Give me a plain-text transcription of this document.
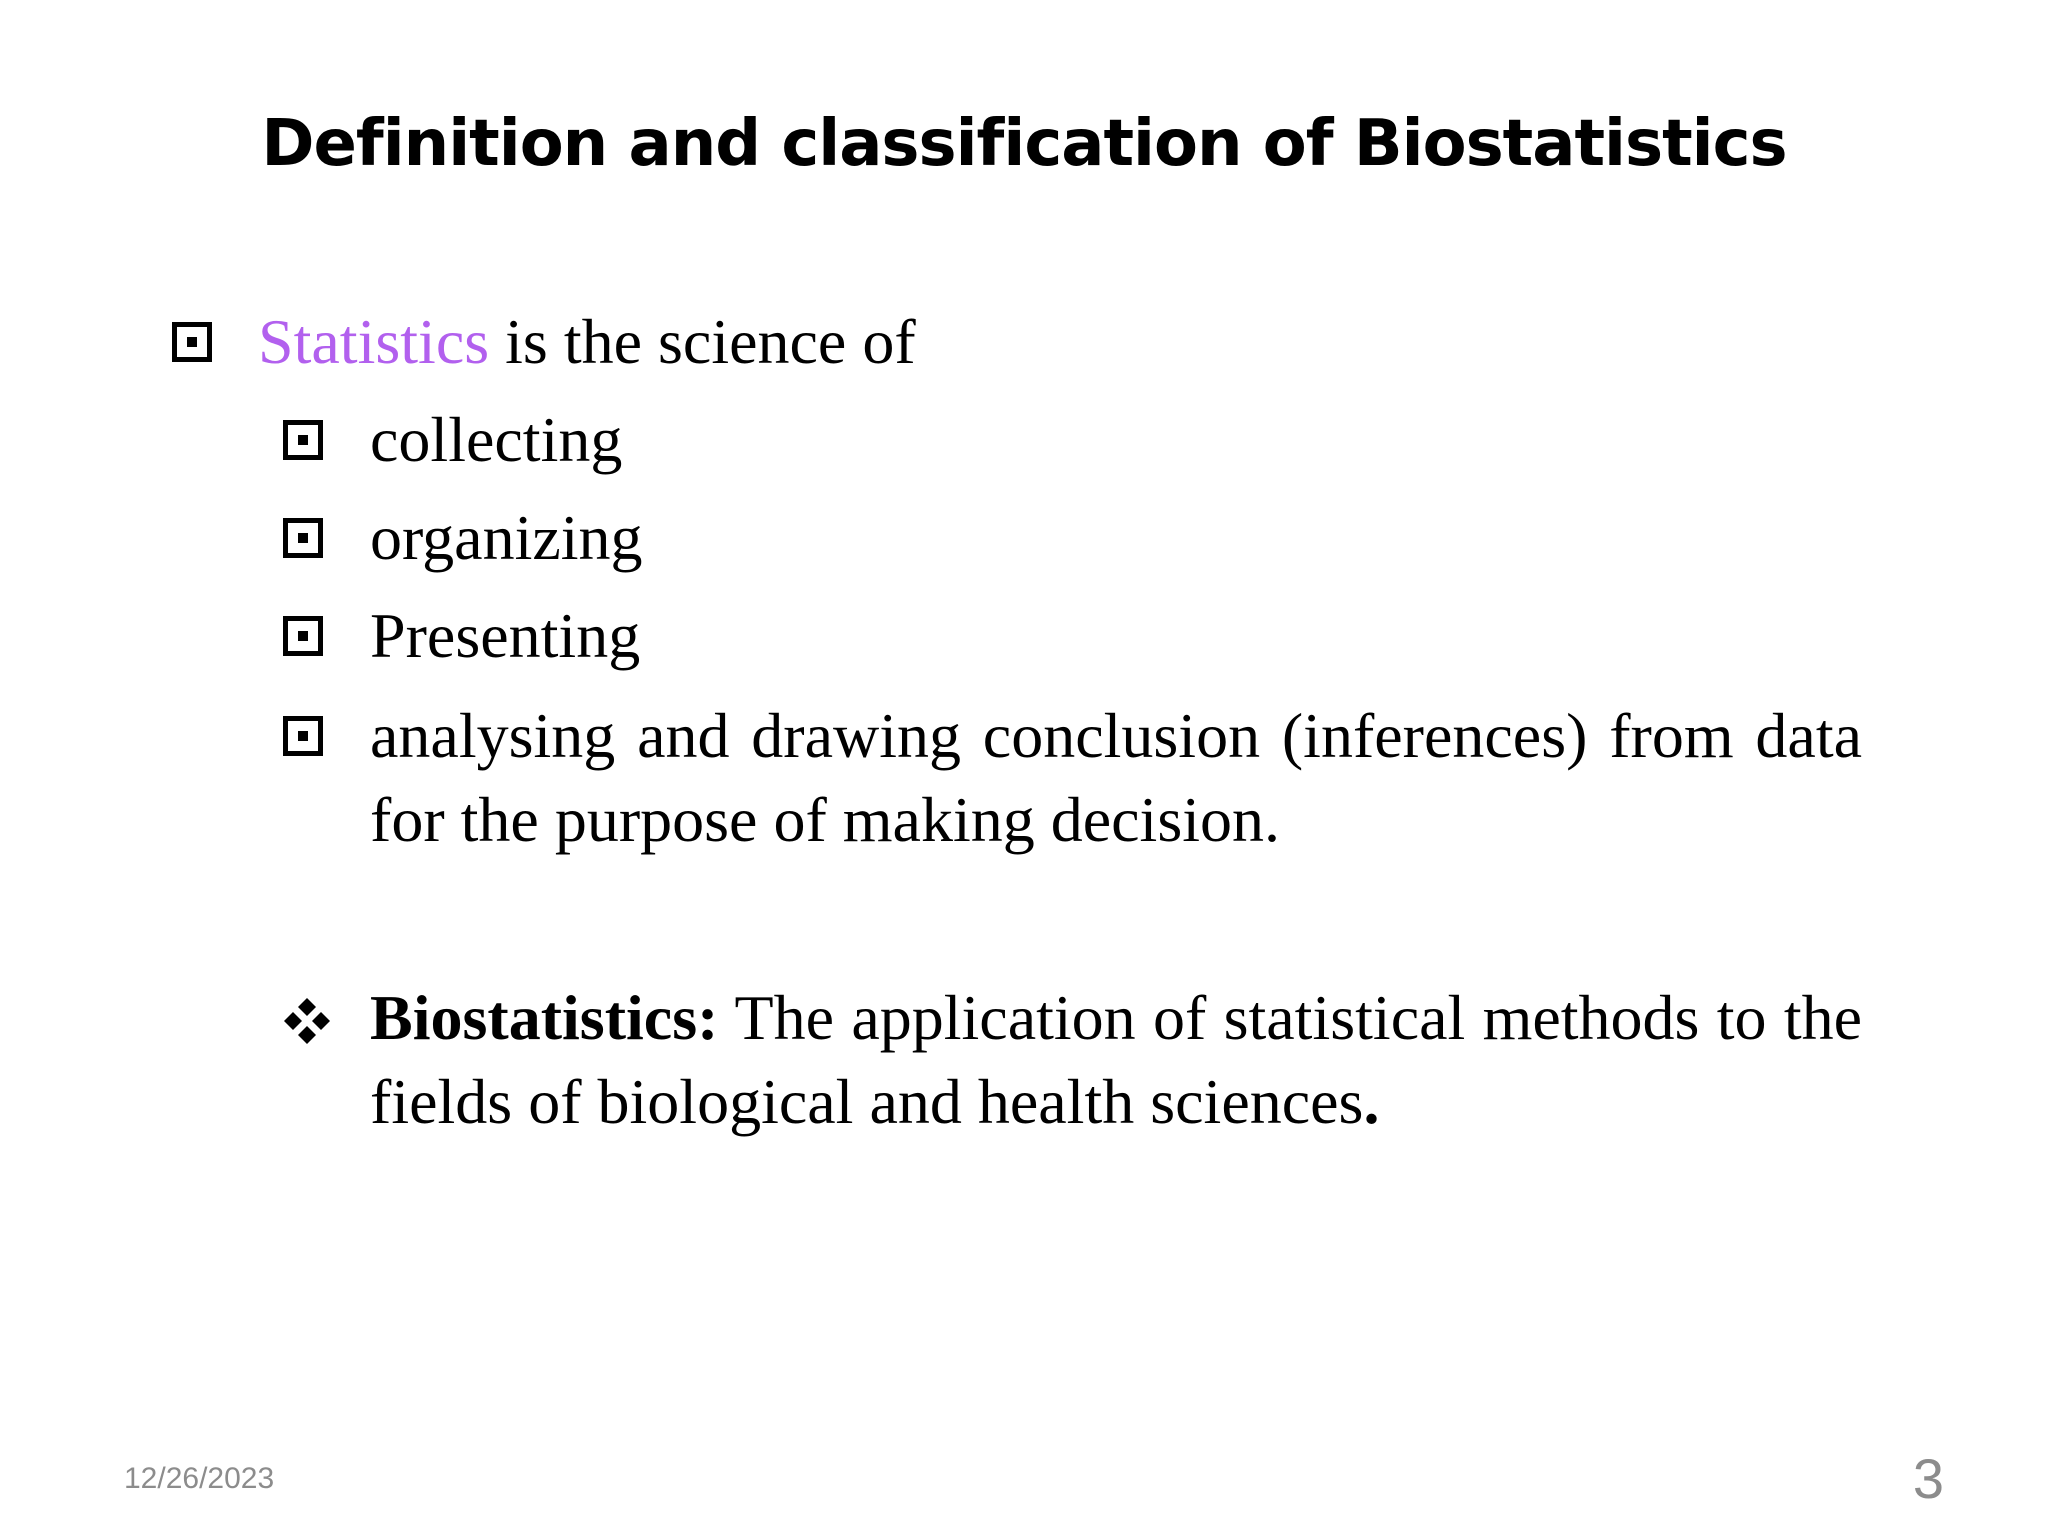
Definition and classification of Biostatistics
Statistics is the science of
collecting
organizing
Presenting
analysing and drawing conclusion (inferences) from data for the purpose of making decision.
Biostatistics: The application of statistical methods to the fields of biological and health sciences.
12/26/2023	3
